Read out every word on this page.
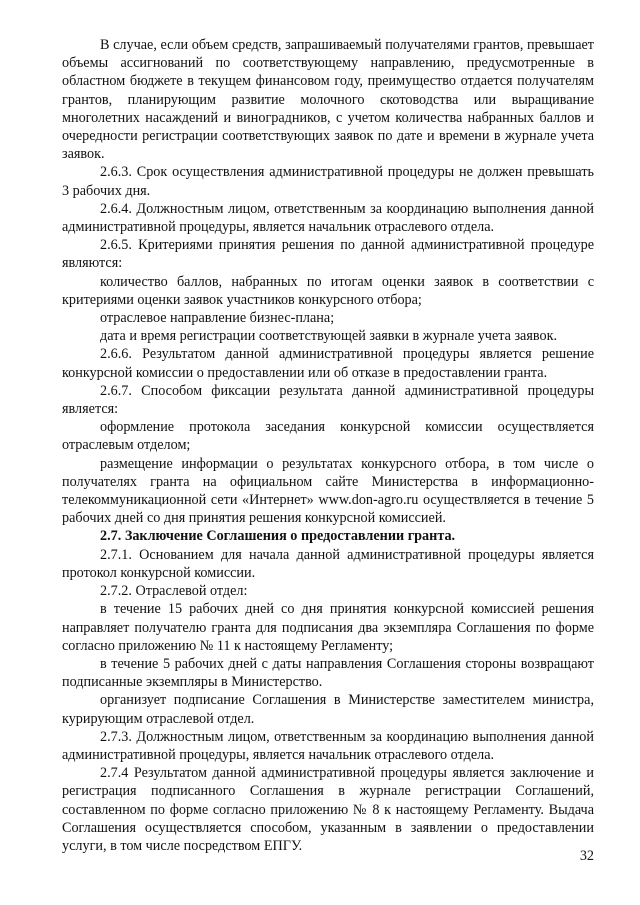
В случае, если объем средств, запрашиваемый получателями грантов, превышает объемы ассигнований по соответствующему направлению, предусмотренные в областном бюджете в текущем финансовом году, преимущество отдается получателям грантов, планирующим развитие молочного скотоводства или выращивание многолетних насаждений и виноградников, с учетом количества набранных баллов и очередности регистрации соответствующих заявок по дате и времени в журнале учета заявок.

2.6.3. Срок осуществления административной процедуры не должен превышать 3 рабочих дня.

2.6.4. Должностным лицом, ответственным за координацию выполнения данной административной процедуры, является начальник отраслевого отдела.

2.6.5. Критериями принятия решения по данной административной процедуре являются:

количество баллов, набранных по итогам оценки заявок в соответствии с критериями оценки заявок участников конкурсного отбора;

отраслевое направление бизнес-плана;

дата и время регистрации соответствующей заявки в журнале учета заявок.

2.6.6. Результатом данной административной процедуры является решение конкурсной комиссии о предоставлении или об отказе в предоставлении гранта.

2.6.7. Способом фиксации результата данной административной процедуры является:

оформление протокола заседания конкурсной комиссии осуществляется отраслевым отделом;

размещение информации о результатах конкурсного отбора, в том числе о получателях гранта на официальном сайте Министерства в информационно-телекоммуникационной сети «Интернет» www.don-agro.ru осуществляется в течение 5 рабочих дней со дня принятия решения конкурсной комиссией.

2.7. Заключение Соглашения о предоставлении гранта.

2.7.1. Основанием для начала данной административной процедуры является протокол конкурсной комиссии.

2.7.2. Отраслевой отдел:

в течение 15 рабочих дней со дня принятия конкурсной комиссией решения направляет получателю гранта для подписания два экземпляра Соглашения по форме согласно приложению № 11 к настоящему Регламенту;

в течение 5 рабочих дней с даты направления Соглашения стороны возвращают подписанные экземпляры в Министерство.

организует подписание Соглашения в Министерстве заместителем министра, курирующим отраслевой отдел.

2.7.3. Должностным лицом, ответственным за координацию выполнения данной административной процедуры, является начальник отраслевого отдела.

2.7.4 Результатом данной административной процедуры является заключение и регистрация подписанного Соглашения в журнале регистрации Соглашений, составленном по форме согласно приложению № 8 к настоящему Регламенту. Выдача Соглашения осуществляется способом, указанным в заявлении о предоставлении услуги, в том числе посредством ЕПГУ.

32
